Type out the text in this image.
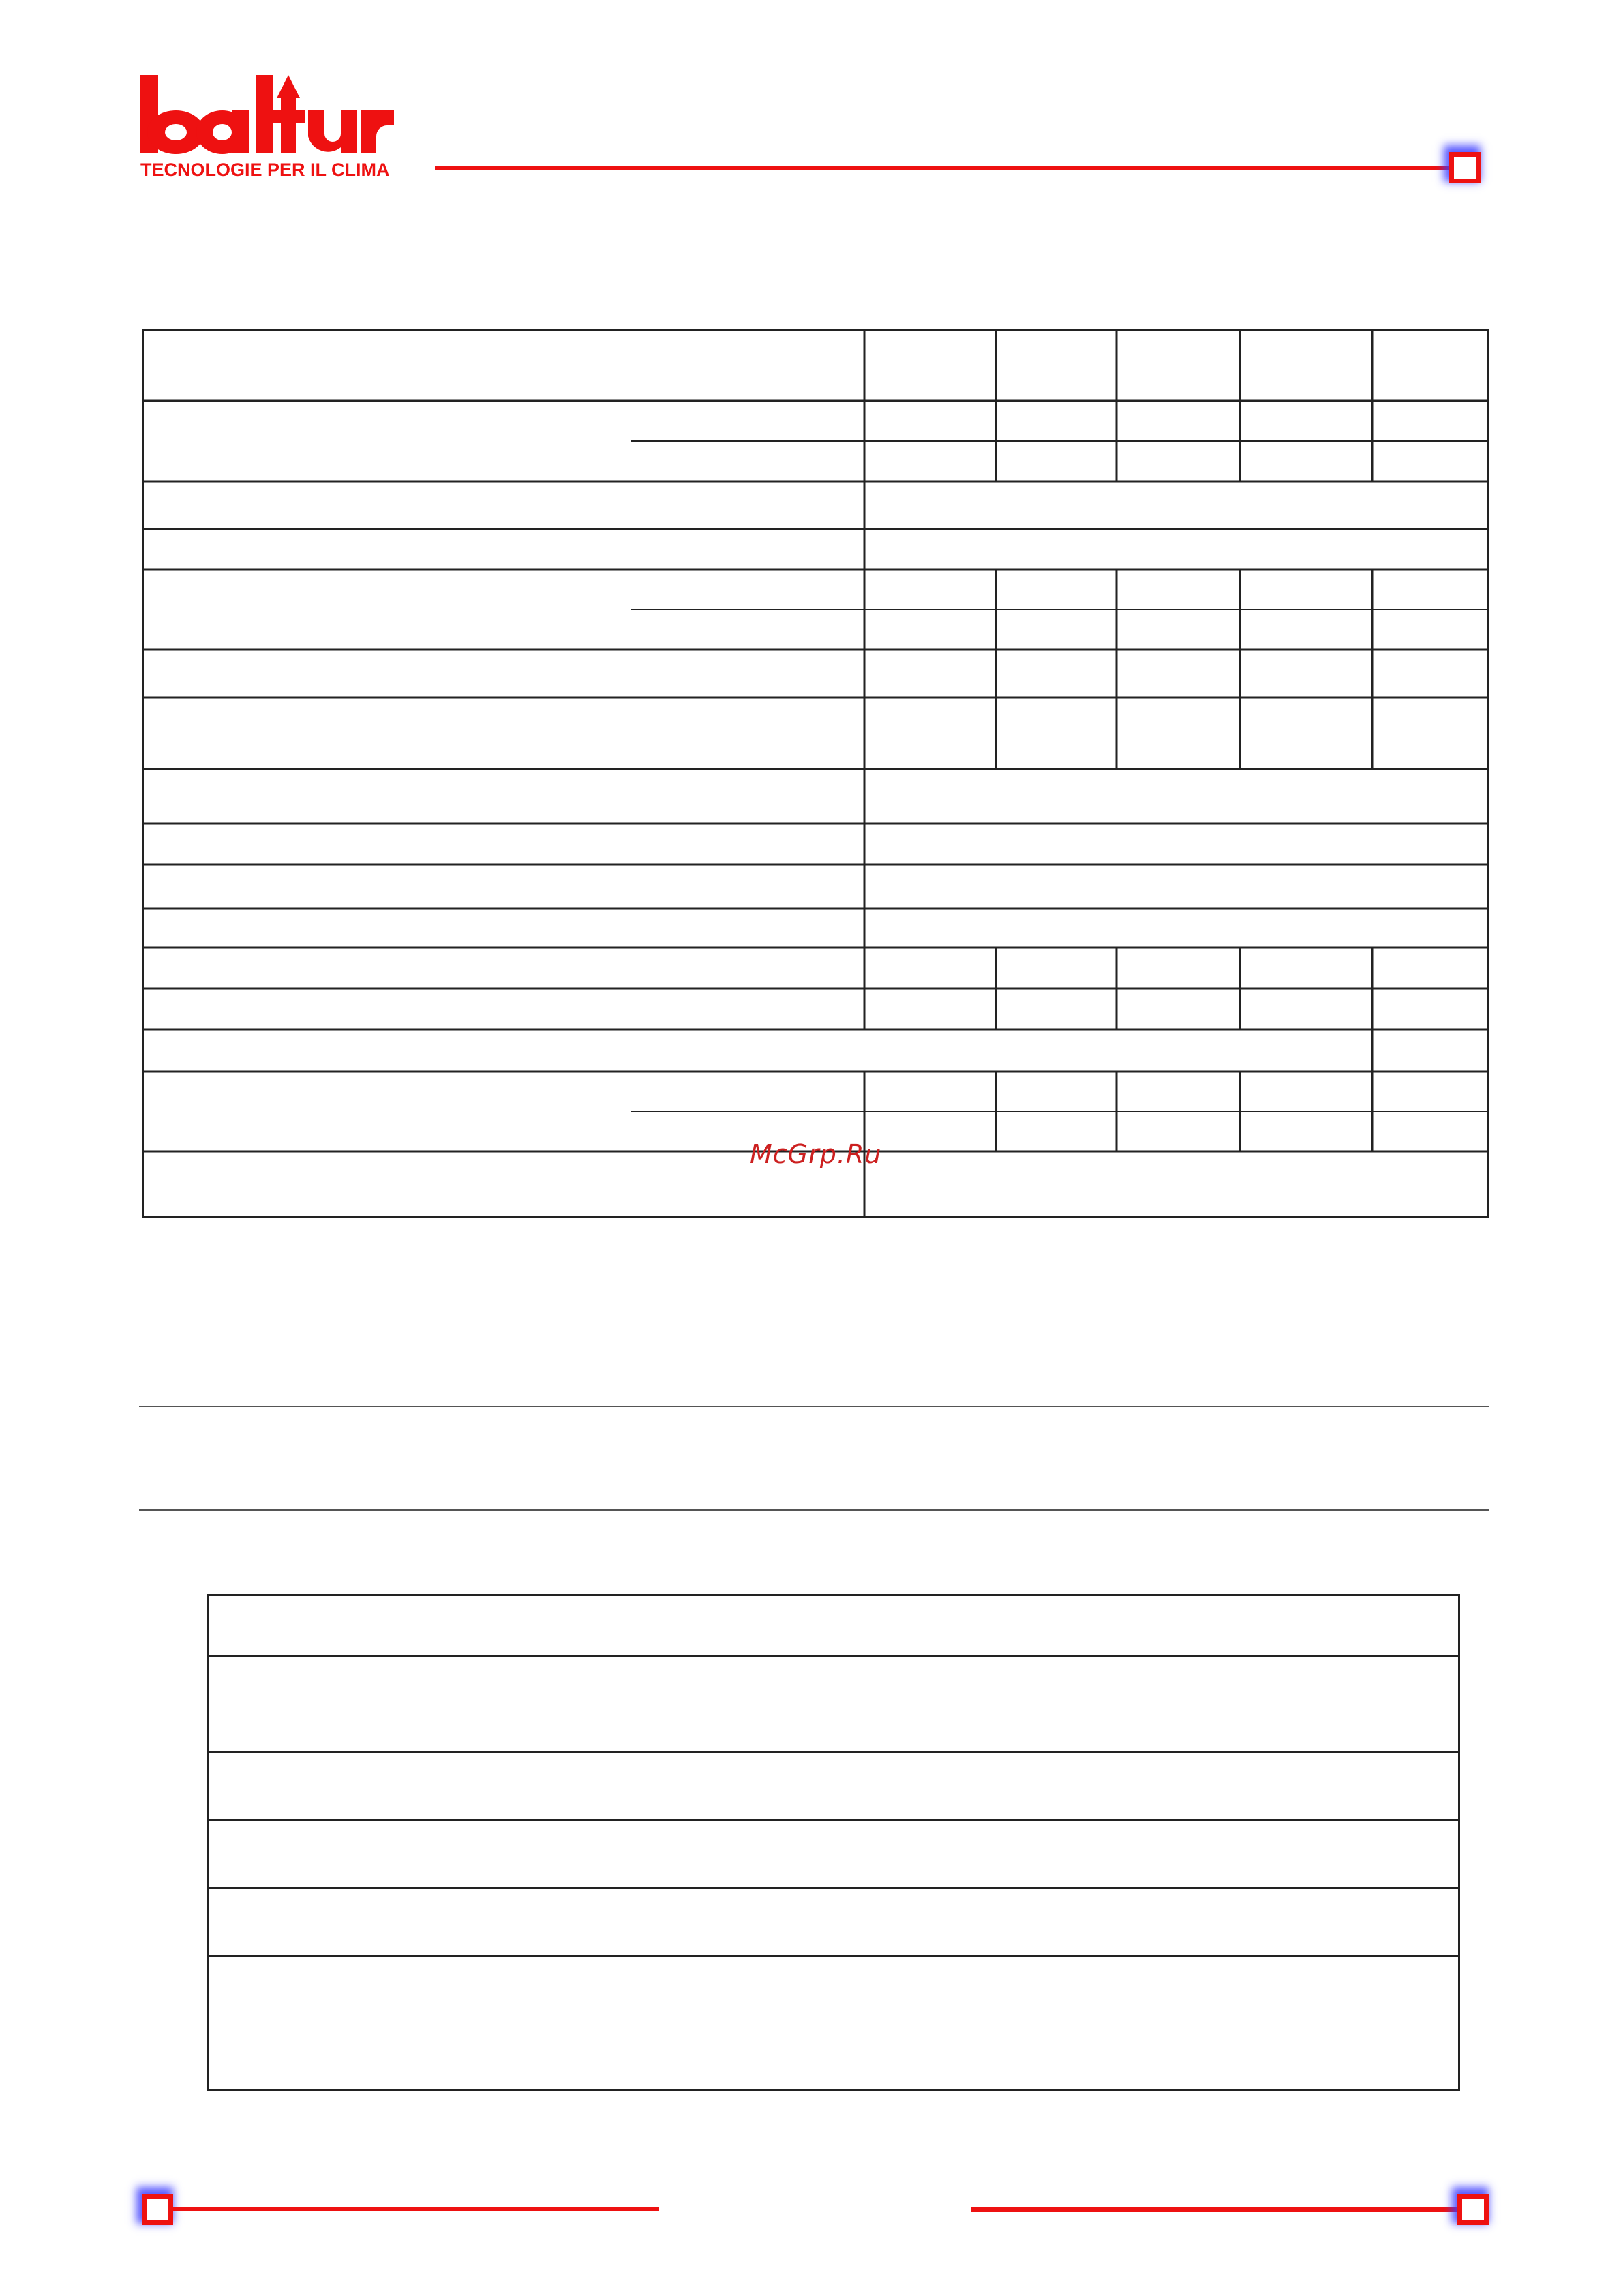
TECNOLOGIE PER IL CLIMA
McGrp.Ru
